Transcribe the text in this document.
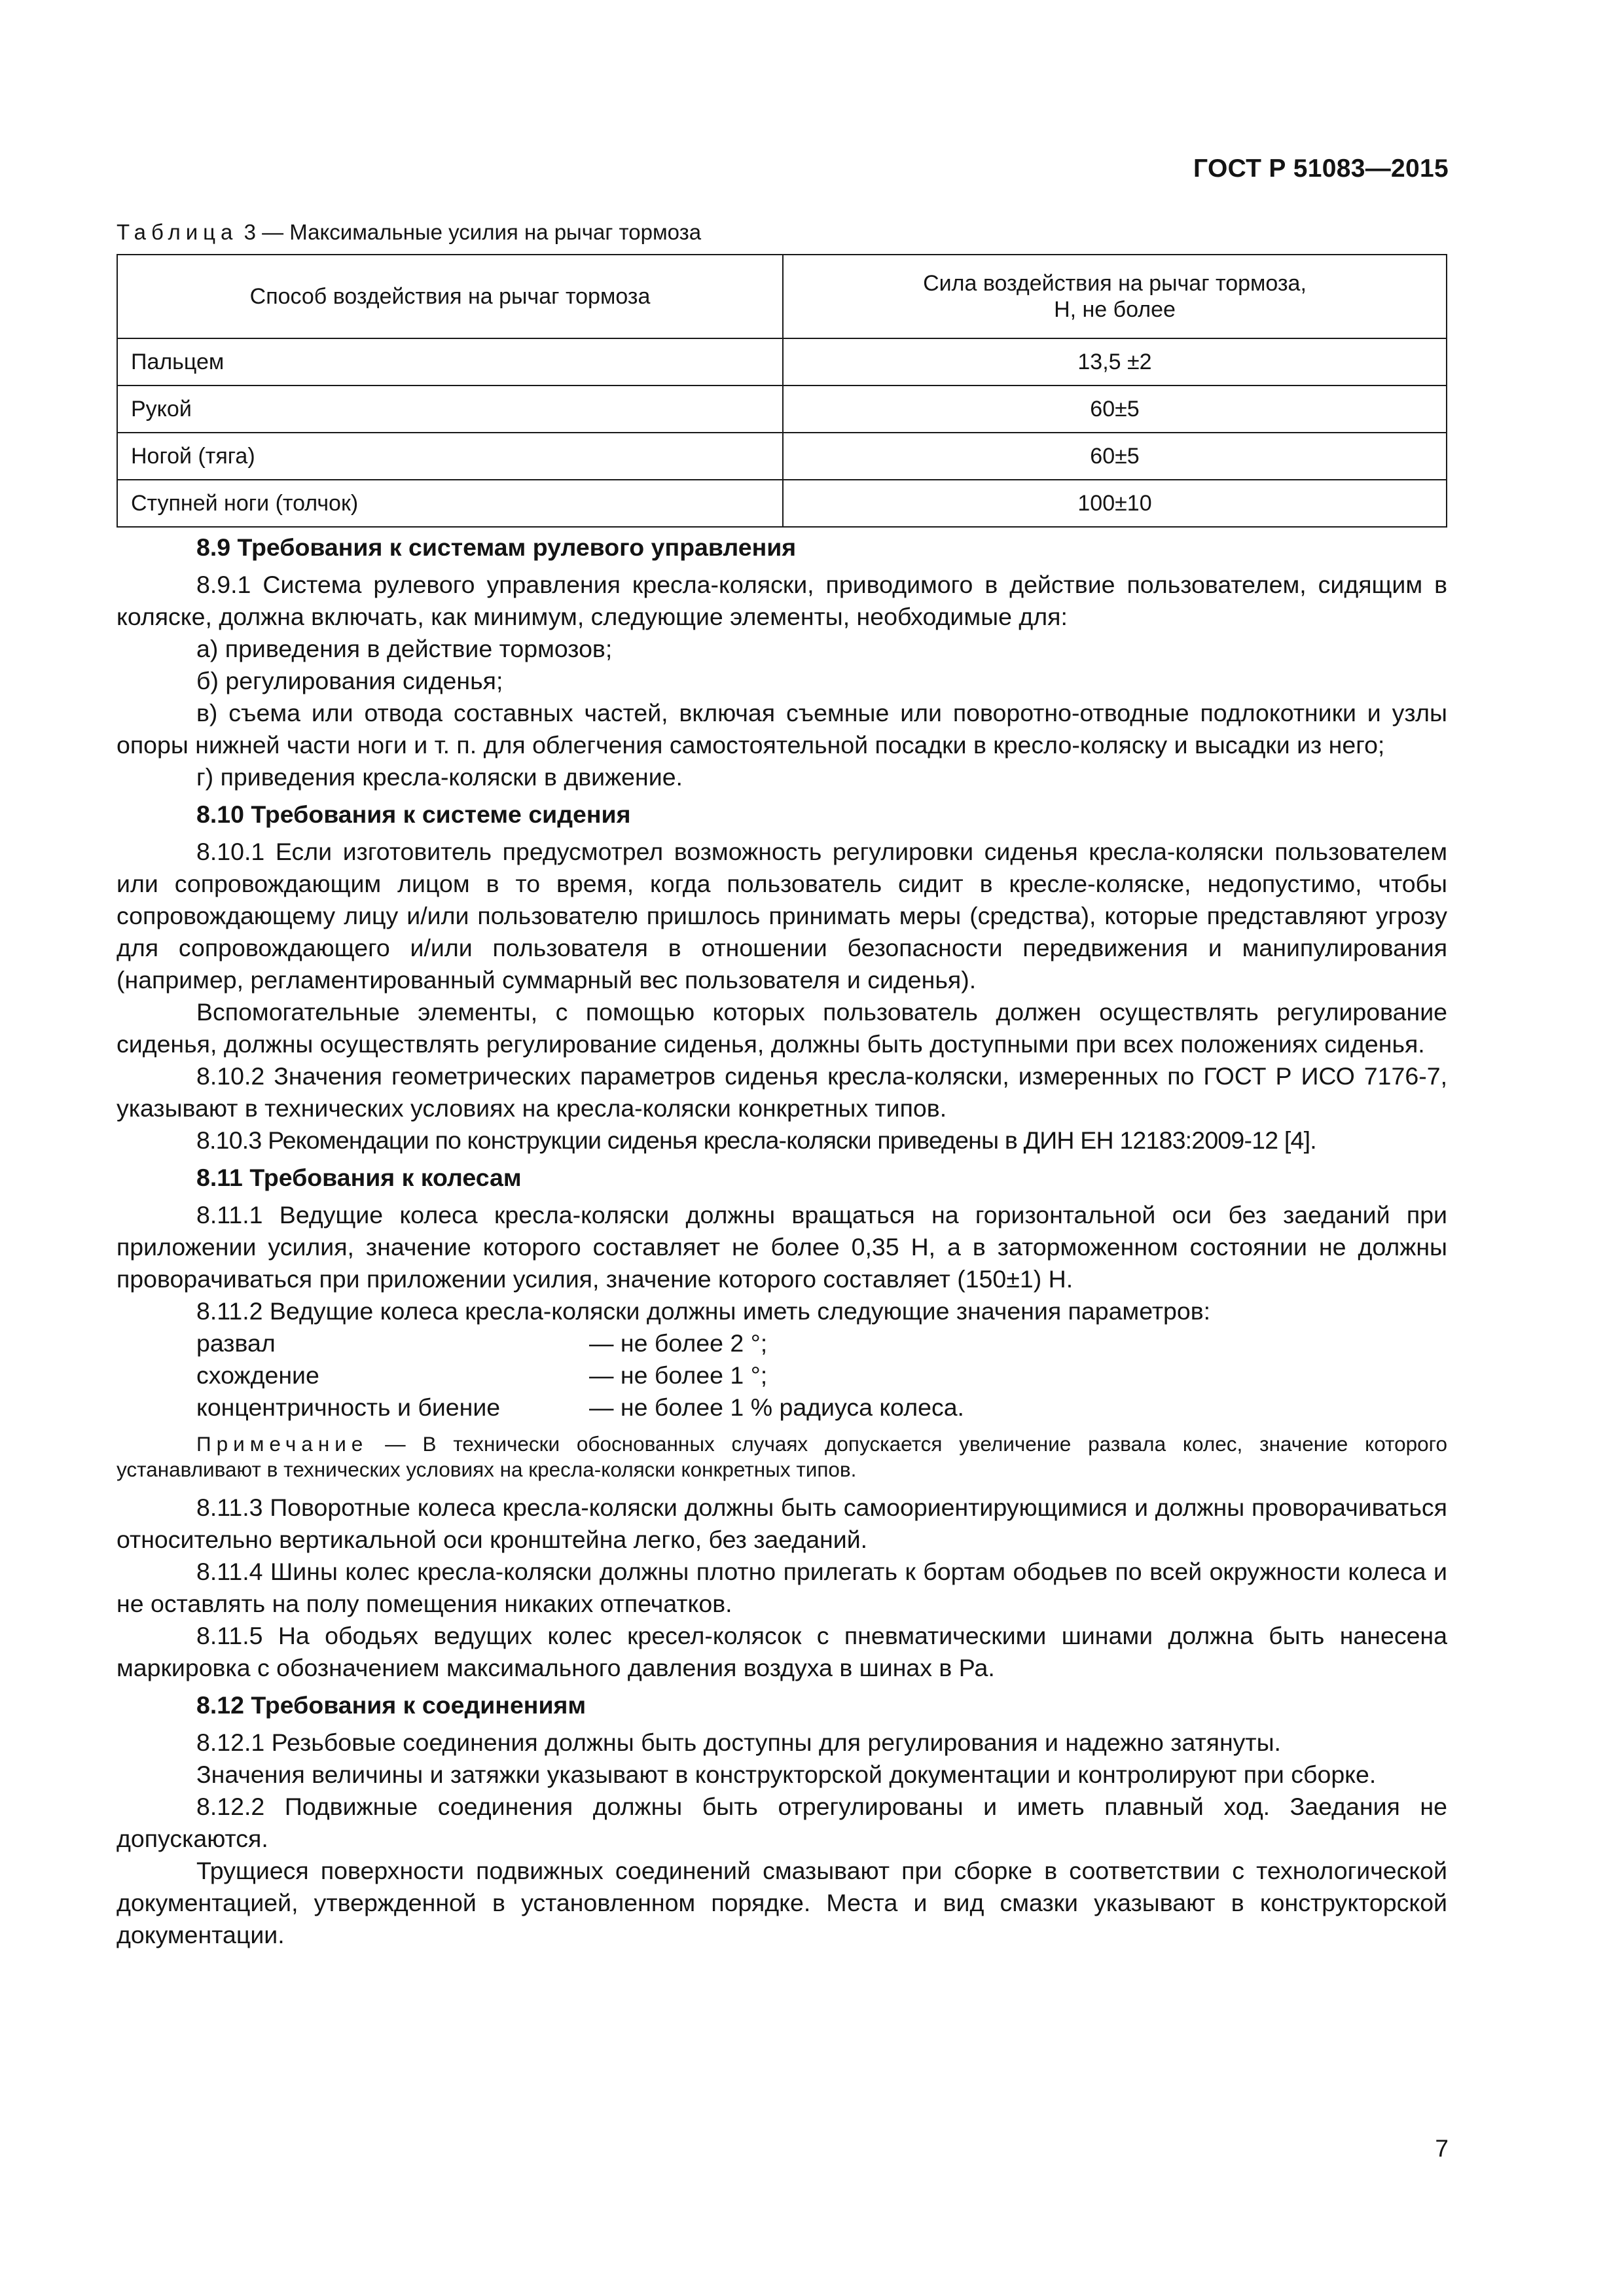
ГОСТ Р 51083—2015
Таблица 3 — Максимальные усилия на рычаг тормоза
Способ воздействия на рычаг тормоза	Сила воздействия на рычаг тормоза,
Н, не более
Пальцем	13,5 ±2
Рукой	60±5
Ногой (тяга)	60±5
Ступней ноги (толчок)	100±10
8.9 Требования к системам рулевого управления

8.9.1 Система рулевого управления кресла-коляски, приводимого в действие пользователем, сидящим в коляске, должна включать, как минимум, следующие элементы, необходимые для:

а) приведения в действие тормозов;

б) регулирования сиденья;

в) съема или отвода составных частей, включая съемные или поворотно-отводные подлокотники и узлы опоры нижней части ноги и т. п. для облегчения самостоятельной посадки в кресло-коляску и высадки из него;

г) приведения кресла-коляски в движение.

8.10 Требования к системе сидения

8.10.1 Если изготовитель предусмотрел возможность регулировки сиденья кресла-коляски пользователем или сопровождающим лицом в то время, когда пользователь сидит в кресле-коляске, недопустимо, чтобы сопровождающему лицу и/или пользователю пришлось принимать меры (средства), которые представляют угрозу для сопровождающего и/или пользователя в отношении безопасности передвижения и манипулирования (например, регламентированный суммарный вес пользователя и сиденья).

Вспомогательные элементы, с помощью которых пользователь должен осуществлять регулирование сиденья, должны осуществлять регулирование сиденья, должны быть доступными при всех положениях сиденья.

8.10.2 Значения геометрических параметров сиденья кресла-коляски, измеренных по ГОСТ Р ИСО 7176-7, указывают в технических условиях на кресла-коляски конкретных типов.

8.10.3 Рекомендации по конструкции сиденья кресла-коляски приведены в ДИН ЕН 12183:2009-12 [4].

8.11 Требования к колесам

8.11.1 Ведущие колеса кресла-коляски должны вращаться на горизонтальной оси без заеданий при приложении усилия, значение которого составляет не более 0,35 Н, а в заторможенном состоянии не должны проворачиваться при приложении усилия, значение которого составляет (150±1) Н.

8.11.2 Ведущие колеса кресла-коляски должны иметь следующие значения параметров:

развал	— не более 2 °;
схождение	— не более 1 °;
концентричность и биение	— не более 1 % радиуса колеса.
Примечание — В технически обоснованных случаях допускается увеличение развала колес, значение которого устанавливают в технических условиях на кресла-коляски конкретных типов.

8.11.3 Поворотные колеса кресла-коляски должны быть самоориентирующимися и должны проворачиваться относительно вертикальной оси кронштейна легко, без заеданий.

8.11.4 Шины колес кресла-коляски должны плотно прилегать к бортам ободьев по всей окружности колеса и не оставлять на полу помещения никаких отпечатков.

8.11.5 На ободьях ведущих колес кресел-колясок с пневматическими шинами должна быть нанесена маркировка с обозначением максимального давления воздуха в шинах в Ра.

8.12 Требования к соединениям

8.12.1 Резьбовые соединения должны быть доступны для регулирования и надежно затянуты.

Значения величины и затяжки указывают в конструкторской документации и контролируют при сборке.

8.12.2 Подвижные соединения должны быть отрегулированы и иметь плавный ход. Заедания не допускаются.

Трущиеся поверхности подвижных соединений смазывают при сборке в соответствии с технологической документацией, утвержденной в установленном порядке. Места и вид смазки указывают в конструкторской документации.

7
